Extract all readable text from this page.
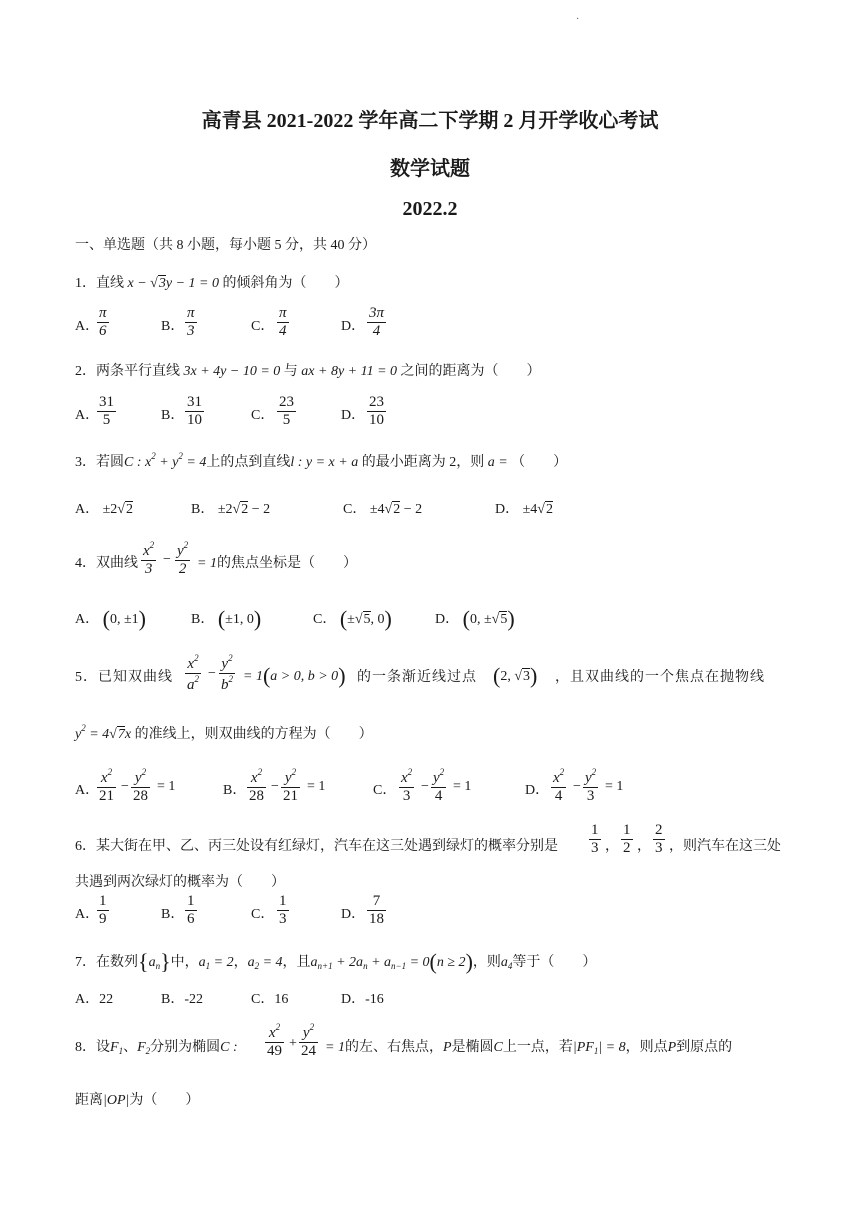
·
高青县 2021-2022 学年高二下学期 2 月开学收心考试
数学试题
2022.2
一、单选题（共 8 小题，每小题 5 分，共 40 分）
1．直线 x − √3y − 1 = 0 的倾斜角为（　　）
A．
$\frac{\pi}{6}$	B． $\frac{\pi}{3}$	C． $\frac{\pi}{4}$	D． $\frac{3\pi}{4}$
2．两条平行直线 3x + 4y − 10 = 0 与 ax + 8y + 11 = 0 之间的距离为（　　）
A．
$\frac{31}{5}$	B． $\frac{31}{10}$	C． $\frac{23}{5}$	D． $\frac{23}{10}$
3．若圆C : $x^2 + y^2 = 4$上的点到直线l : y = x + a 的最小距离为 2，则 a = （　　）
A． ±2√2	B． ±2√2 − 2	C． ±4√2 − 2	D． ±4√2
4．双曲线 $\frac{x^2}{3} - \frac{y^2}{2} = 1$的焦点坐标是（　　）
A． (0, ±1)	B． (±1, 0)	C． (±√5, 0)	D． (0, ±√5)
5．已知双曲线 $\frac{x^2}{a^2} - \frac{y^2}{b^2} = 1(a > 0$, b > 0) 的一条渐近线过点 (2, √3) ，且双曲线的一个焦点在抛物线
$y^2 = 4√7x$ 的准线上，则双曲线的方程为（　　）
A．
$\frac{x^2}{21} - \frac{y^2}{28} = 1$	B． $\frac{x^2}{28} - \frac{y^2}{21} = 1$	C． $\frac{x^2}{3} - \frac{y^2}{4} = 1$	D． $\frac{x^2}{4} - \frac{y^2}{3} = 1$
6．某大街在甲、乙、丙三处设有红绿灯，汽车在这三处遇到绿灯的概率分别是 $\frac{1}{3}$ ， $\frac{1}{2}$ ， $\frac{2}{3}$ ，则汽车在这三处
共遇到两次绿灯的概率为（　　）
A．
$\frac{1}{9}$	B． $\frac{1}{6}$	C． $\frac{1}{3}$	D． $\frac{7}{18}$
7．在数列$\{a_n\}$中，$a_1 = 2$，$a_2 = 4$，且$a_{n+1} + 2a_n + a_{n-1} = 0(n \ge 2)$，则$a_4$等于（　　）
A．22	B．-22	C．16	D．-16
8．设$F_1$、$F_2$分别为椭圆C : $\frac{x^2}{49} + \frac{y^2}{24} = 1$的左、右焦点，P是椭圆C上一点，若$|PF_1| = 8$，则点P到原点的
距离|OP|为（　　）
